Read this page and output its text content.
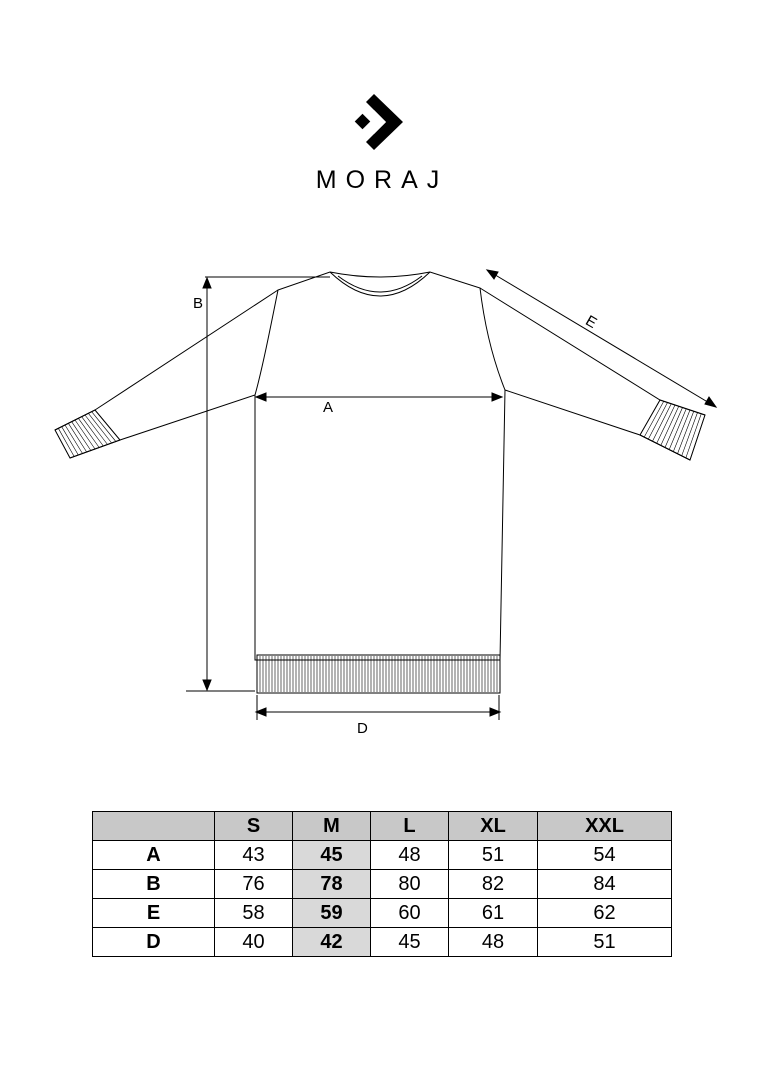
MORAJ
B
A
D
E
	S	M	L	XL	XXL
A	43	45	48	51	54
B	76	78	80	82	84
E	58	59	60	61	62
D	40	42	45	48	51
